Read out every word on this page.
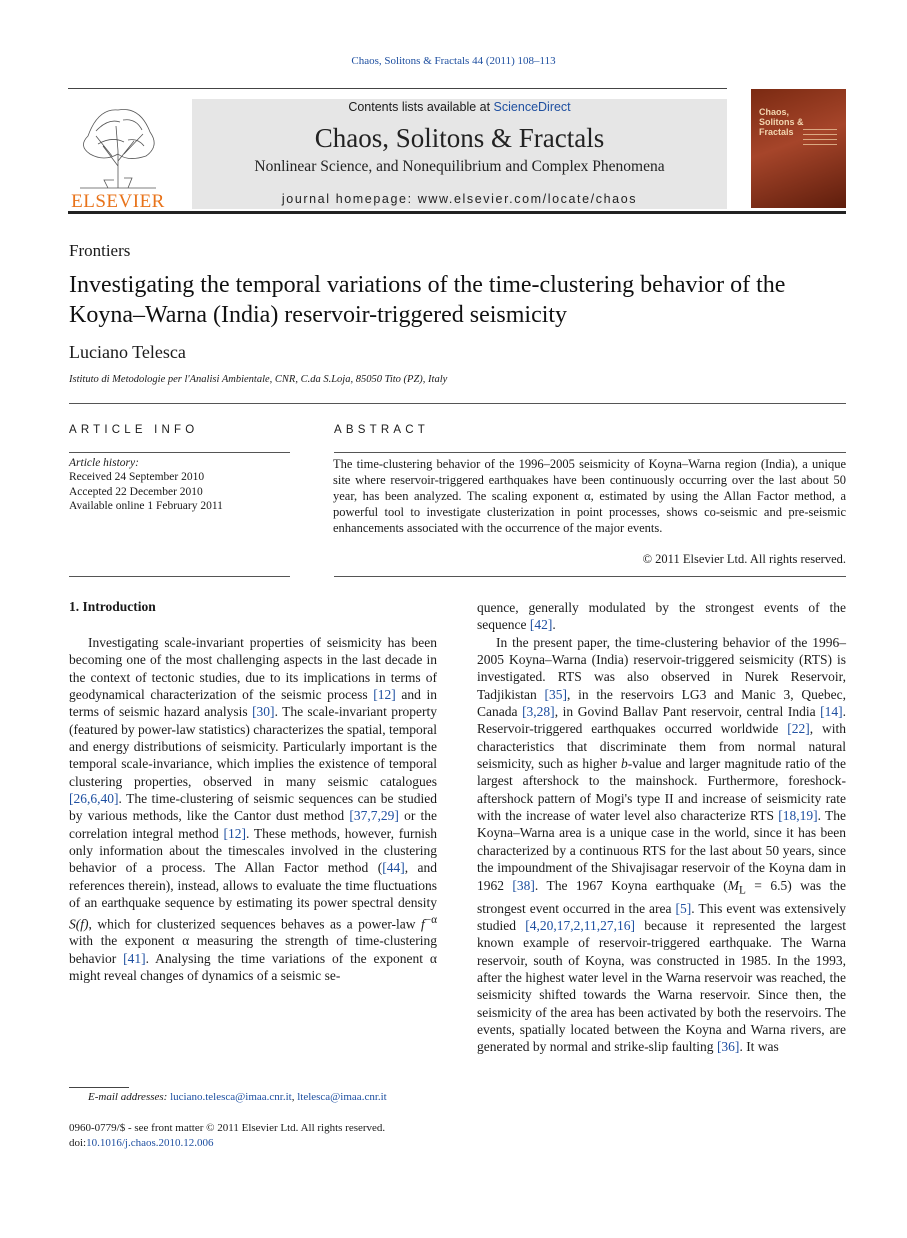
Chaos, Solitons & Fractals 44 (2011) 108–113
ELSEVIER
Contents lists available at ScienceDirect
Chaos, Solitons & Fractals
Nonlinear Science, and Nonequilibrium and Complex Phenomena
journal homepage: www.elsevier.com/locate/chaos
Chaos, Solitons & Fractals
Frontiers
Investigating the temporal variations of the time-clustering behavior of the Koyna–Warna (India) reservoir-triggered seismicity
Luciano Telesca
Istituto di Metodologie per l'Analisi Ambientale, CNR, C.da S.Loja, 85050 Tito (PZ), Italy
ARTICLE INFO	ABSTRACT
Article history:
Received 24 September 2010
Accepted 22 December 2010
Available online 1 February 2011
The time-clustering behavior of the 1996–2005 seismicity of Koyna–Warna region (India), a unique site where reservoir-triggered earthquakes have been continuously occurring over the last about 50 year, has been analyzed. The scaling exponent α, estimated by using the Allan Factor method, a powerful tool to investigate clusterization in point processes, shows co-seismic and pre-seismic enhancements associated with the occurrence of the major events.
© 2011 Elsevier Ltd. All rights reserved.
1. Introduction

Investigating scale-invariant properties of seismicity has been becoming one of the most challenging aspects in the last decade in the context of tectonic studies, due to its implications in terms of geodynamical characterization of the seismic process [12] and in terms of seismic hazard analysis [30]. The scale-invariant property (featured by power-law statistics) characterizes the spatial, temporal and energy distributions of seismicity. Particularly important is the temporal scale-invariance, which implies the existence of temporal clustering properties, observed in many seismic catalogues [26,6,40]. The time-clustering of seismic sequences can be studied by various methods, like the Cantor dust method [37,7,29] or the correlation integral method [12]. These methods, however, furnish only information about the timescales involved in the clustering behavior of a process. The Allan Factor method ([44], and references therein), instead, allows to evaluate the time fluctuations of an earthquake sequence by estimating its power spectral density S(f), which for clusterized sequences behaves as a power-law $f^{-\alpha}$ with the exponent α measuring the strength of time-clustering behavior [41]. Analysing the time variations of the exponent α might reveal changes of dynamics of a seismic se-

quence, generally modulated by the strongest events of the sequence [42].

In the present paper, the time-clustering behavior of the 1996–2005 Koyna–Warna (India) reservoir-triggered seismicity (RTS) is investigated. RTS was also observed in Nurek Reservoir, Tadjikistan [35], in the reservoirs LG3 and Manic 3, Quebec, Canada [3,28], in Govind Ballav Pant reservoir, central India [14]. Reservoir-triggered earthquakes occurred worldwide [22], with characteristics that discriminate them from normal natural seismicity, such as higher b-value and larger magnitude ratio of the largest aftershock to the mainshock. Furthermore, foreshock-aftershock pattern of Mogi's type II and increase of seismicity rate with the increase of water level also characterize RTS [18,19]. The Koyna–Warna area is a unique case in the world, since it has been characterized by a continuous RTS for the last about 50 years, since the impoundment of the Shivajisagar reservoir of the Koyna dam in 1962 [38]. The 1967 Koyna earthquake $(M_L = 6.5)$ was the strongest event occurred in the area [5]. This event was extensively studied [4,20,17,2,11,27,16] because it represented the largest known example of reservoir-triggered earthquake. The Warna reservoir, south of Koyna, was constructed in 1985. In the 1993, after the highest water level in the Warna reservoir was reached, the seismicity shifted towards the Warna reservoir. Since then, the seismicity of the area has been activated by both the reservoirs. The events, spatially located between the Koyna and Warna rivers, are generated by normal and strike-slip faulting [36]. It was

E-mail addresses: luciano.telesca@imaa.cnr.it, ltelesca@imaa.cnr.it
0960-0779/$ - see front matter © 2011 Elsevier Ltd. All rights reserved.
doi:10.1016/j.chaos.2010.12.006
